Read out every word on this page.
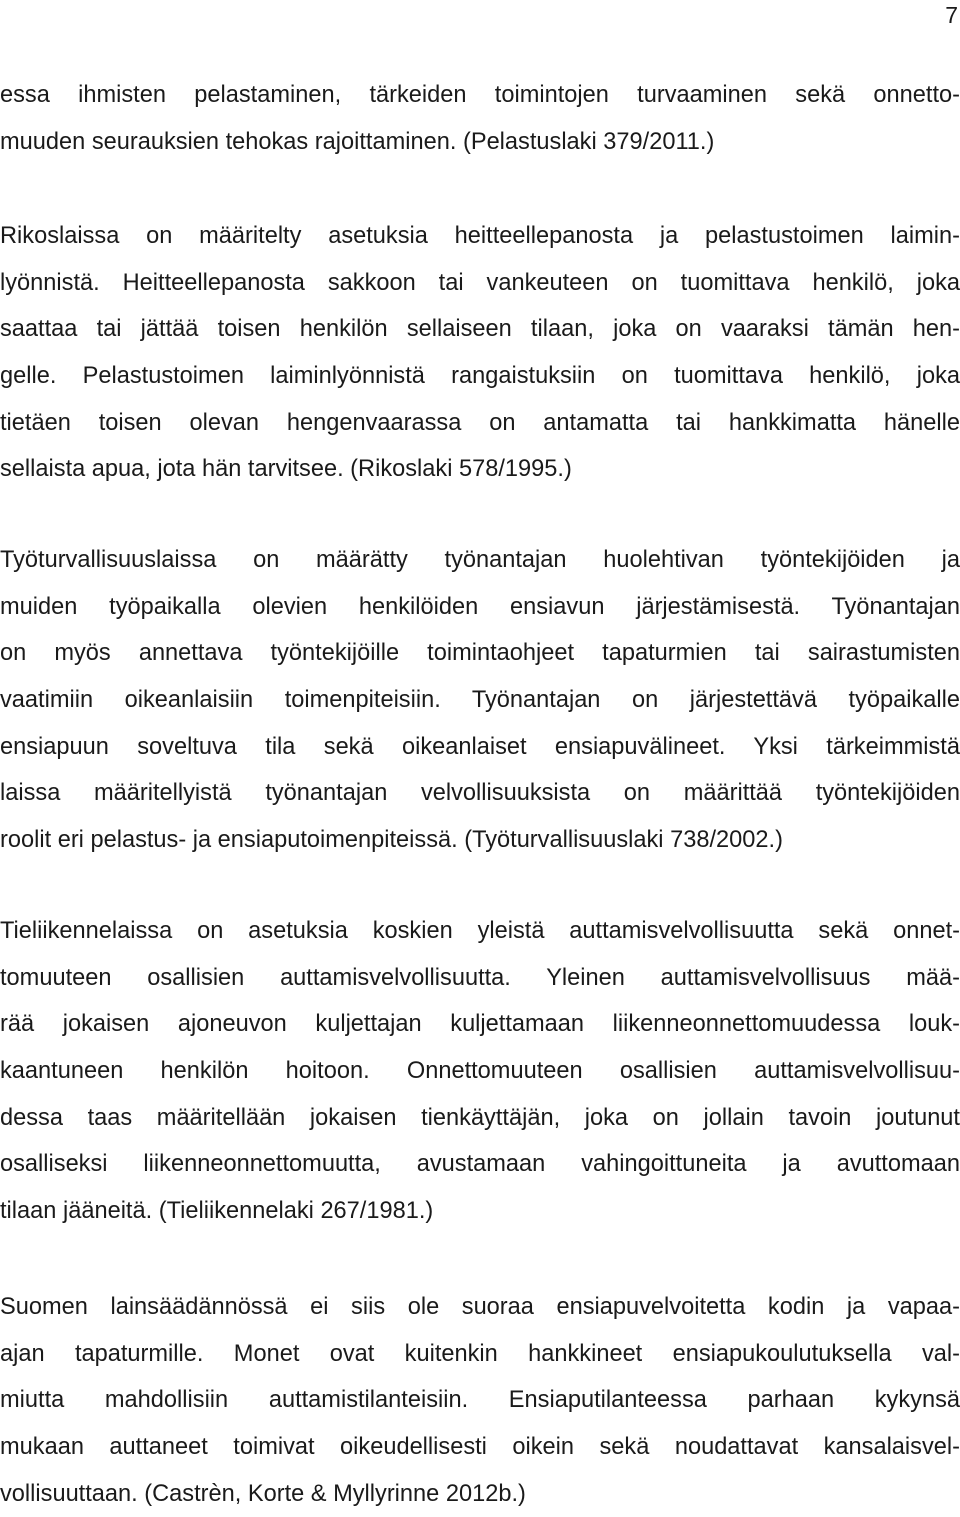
7
essa ihmisten pelastaminen, tärkeiden toimintojen turvaaminen sekä onnetto-
muuden seurauksien tehokas rajoittaminen. (Pelastuslaki 379/2011.)
Rikoslaissa on määritelty asetuksia heitteellepanosta ja pelastustoimen laimin-
lyönnistä. Heitteellepanosta sakkoon tai vankeuteen on tuomittava henkilö, joka
saattaa tai jättää toisen henkilön sellaiseen tilaan, joka on vaaraksi tämän hen-
gelle. Pelastustoimen laiminlyönnistä rangaistuksiin on tuomittava henkilö, joka
tietäen toisen olevan hengenvaarassa on antamatta tai hankkimatta hänelle
sellaista apua, jota hän tarvitsee. (Rikoslaki 578/1995.)
Työturvallisuuslaissa on määrätty työnantajan huolehtivan työntekijöiden ja
muiden työpaikalla olevien henkilöiden ensiavun järjestämisestä. Työnantajan
on myös annettava työntekijöille toimintaohjeet tapaturmien tai sairastumisten
vaatimiin oikeanlaisiin toimenpiteisiin. Työnantajan on järjestettävä työpaikalle
ensiapuun soveltuva tila sekä oikeanlaiset ensiapuvälineet. Yksi tärkeimmistä
laissa määritellyistä työnantajan velvollisuuksista on määrittää työntekijöiden
roolit eri pelastus- ja ensiaputoimenpiteissä. (Työturvallisuuslaki 738/2002.)
Tieliikennelaissa on asetuksia koskien yleistä auttamisvelvollisuutta sekä onnet-
tomuuteen osallisien auttamisvelvollisuutta. Yleinen auttamisvelvollisuus mää-
rää jokaisen ajoneuvon kuljettajan kuljettamaan liikenneonnettomuudessa louk-
kaantuneen henkilön hoitoon. Onnettomuuteen osallisien auttamisvelvollisuu-
dessa taas määritellään jokaisen tienkäyttäjän, joka on jollain tavoin joutunut
osalliseksi liikenneonnettomuutta, avustamaan vahingoittuneita ja avuttomaan
tilaan jääneitä. (Tieliikennelaki 267/1981.)
Suomen lainsäädännössä ei siis ole suoraa ensiapuvelvoitetta kodin ja vapaa-
ajan tapaturmille. Monet ovat kuitenkin hankkineet ensiapukoulutuksella val-
miutta mahdollisiin auttamistilanteisiin. Ensiaputilanteessa parhaan kykynsä
mukaan auttaneet toimivat oikeudellisesti oikein sekä noudattavat kansalaisvel-
vollisuuttaan. (Castrèn, Korte & Myllyrinne 2012b.)
